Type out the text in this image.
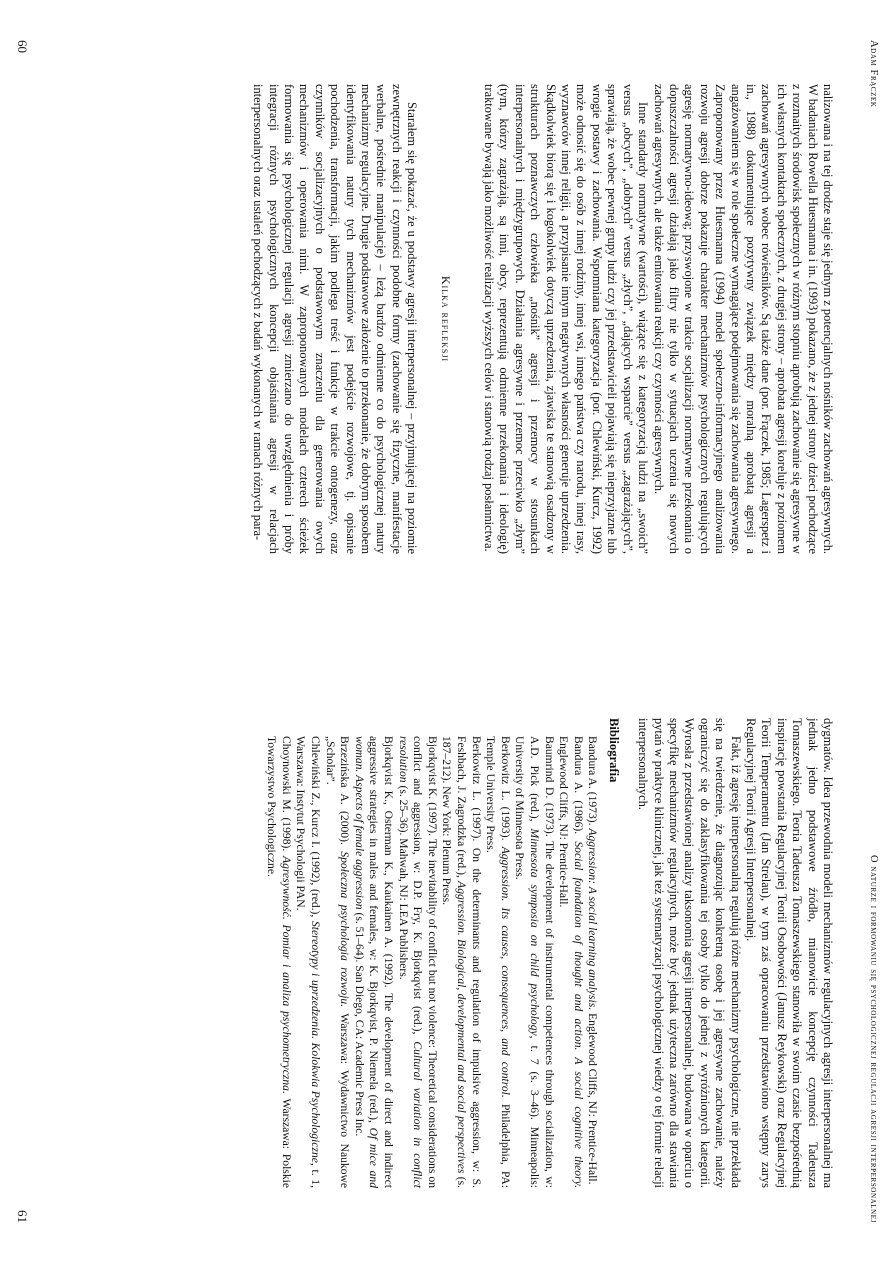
Adam Frączek

nalizowana i na tej drodze staje się jednym z potencjalnych nośników zachowań agresywnych. W badaniach Rowella Huesmanna i in. (1993) pokazano, że z jednej strony dzieci pochodzące z rozmaitych środowisk społecznych w różnym stopniu aprobują zachowanie się agresywne w ich własnych kontaktach społecznych, z drugiej strony – aprobata agresji koreluje z poziomem zachowań agresywnych wobec rówieśników. Są także dane (por. Frączek, 1985; Lagerspetz i in., 1988) dokumentujące pozytywny związek między moralną aprobatą agresji a angażowaniem się w role społeczne wymagające podejmowania się zachowania agresywnego. Zaproponowany przez Huesmanna (1994) model społeczno-informacyjnego analizowania rozwoju agresji dobrze pokazuje charakter mechanizmów psychologicznych regulujących agresję normatywno-ideową; przyswojone w trakcie socjalizacji normatywne przekonania o dopuszczalności agresji działają jako filtry nie tylko w sytuacjach uczenia się nowych zachowań agresywnych, ale także emitowania reakcji czy czynności agresywnych.

Inne standardy normatywne (wartości), wiążące się z kategoryzacją ludzi na „swoich” versus „obcych”, „dobrych” versus „złych”, „dających wsparcie” versus „zagrażających”, sprawiają, że wobec pewnej grupy ludzi czy jej przedstawicieli pojawiają się nieprzyjazne lub wrogie postawy i zachowania. Wspomniana kategoryzacja (por. Chlewiński, Kurcz, 1992) może odnosić się do osób z innej rodziny, innej wsi, innego państwa czy narodu, innej rasy, wyznawców innej religii, a przypisanie innym negatywnych własności generuje uprzedzenia. Skądkolwiek biorą się i kogokolwiek dotyczą uprzedzenia, zjawiska te stanowią osadzony w strukturach poznawczych człowieka „nośnik” agresji i przemocy w stosunkach interpersonalnych i międzygrupowych. Działania agresywne i przemoc przeciwko „złym” (tym, którzy zagrażają, są inni, obcy, reprezentują odmienne przekonania i ideologię) traktowane bywają jako możliwość realizacji wyższych celów i stanowią rodzaj posłannictwa.

Kilka refleksji

Starałem się pokazać, że u podstawy agresji interpersonalnej – przyjmującej na poziomie zewnętrznych reakcji i czynności podobne formy (zachowanie się fizyczne, manifestacje werbalne, pośrednie manipulacje) – leżą bardzo odmienne co do psychologicznej natury mechanizmy regulacyjne. Drugie podstawowe założenie to przekonanie, że dobrym sposobem identyfikowania natury tych mechanizmów jest podejście rozwojowe, tj. opisanie pochodzenia, transformacji, jakim podlega treść i funkcje w trakcie ontogenezy, oraz czynników socjalizacyjnych o podstawowym znaczeniu dla generowania owych mechanizmów i operowania nimi. W zaproponowanych modelach czterech ścieżek formowania się psychologicznej regulacji agresji zmierzano do uwzględnienia i próby integracji różnych psychologicznych koncepcji objaśniania agresji w relacjach interpersonalnych oraz ustaleń pochodzących z badań wykonanych w ramach różnych para-

60
O naturze i formowaniu się psychologicznej regulacji agresji interpersonalnej

dygmatów. Idea przewodnia modeli mechanizmów regulacyjnych agresji interpersonalnej ma jednak jedno podstawowe źródło, mianowicie koncepcję czynności Tadeusza Tomaszewskiego. Teoria Tadeusza Tomaszewskiego stanowiła w swoim czasie bezpośrednią inspirację powstania Regulacyjnej Teorii Osobowości (Janusz Reykowski) oraz Regulacyjnej Teorii Temperamentu (Jan Strelau), w tym zaś opracowaniu przedstawiono wstępny zarys Regulacyjnej Teorii Agresji Interpersonalnej.

Fakt, iż agresję interpersonalną regulują różne mechanizmy psychologiczne, nie przekłada się na twierdzenie, że diagnozując konkretną osobę i jej agresywne zachowanie, należy ograniczyć się do zaklasyfikowania tej osoby tylko do jednej z wyróżnionych kategorii. Wyrosła z przedstawionej analizy taksonomia agresji interpersonalnej, budowana w oparciu o specyfikę mechanizmów regulacyjnych, może być jednak użyteczna zarówno dla stawiania pytań w praktyce klinicznej, jak też systematyzacji psychologicznej wiedzy o tej formie relacji interpersonalnych.

Bibliografia

Bandura A. (1973). Aggression: A social learning analysis. Englewood Cliffs, NJ: Prentice-Hall.

Bandura A. (1986). Social foundation of thought and action. A social cognitive theory. Englewood Cliffs, NJ: Prentice-Hall.

Baumrind D. (1973). The development of instrumental competences through socialization, w: A.D. Pick (red.), Minnesota symposia on child psychology, t. 7 (s. 3–46). Minneapolis: University of Minnesota Press.

Berkowitz L. (1993). Aggression. Its causes, consequences, and control. Philadelphia, PA: Temple University Press.

Berkowitz L. (1997). On the determinants and regulation of impulsive aggression, w: S. Feshbach, J. Zagrodzka (red.), Aggression. Biological, developmental and social perspectives (s. 187–212). New York: Plenum Press.

Bjorkqvist K. (1997). The inevitability of conflict but not violence: Theoretical considerations on conflict and aggression, w: D.P. Fry, K. Bjorkqvist (red.), Cultural variation in conflict resolution (s. 25–36). Mahwah, NJ: LEA Publishers.

Bjorkqvist K., Osterman K., Kaukainen A. (1992). The development of direct and indirect aggressive strategies in males and females, w: K. Bjorkqvist, P. Niemela (red.), Of mice and woman. Aspects of female aggression (s. 51–64). San Diego, CA: Academic Press Inc.

Brzezińska A. (2000). Społeczna psychologia rozwoju. Warszawa: Wydawnictwo Naukowe „Scholar”.

Chlewiński Z., Kurcz I. (1992), (red.), Stereotypy i uprzedzenia. Kolokwia Psychologiczne, t. 1, Warszawa: Instytut Psychologii PAN.

Choynowski M. (1998). Agresywność. Pomiar i analiza psychometryczna. Warszawa: Polskie Towarzystwo Psychologiczne.

61
